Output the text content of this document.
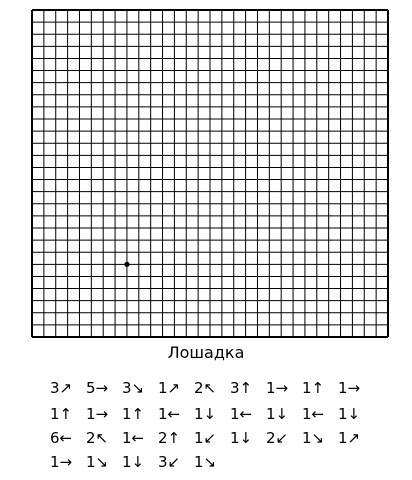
Лошадка
3↗ 5→ 3↘ 1↗ 2↖ 3↑ 1→ 1↑ 1→
1↑ 1→ 1↑ 1← 1↓ 1← 1↓ 1← 1↓
6← 2↖ 1← 2↑ 1↙ 1↓ 2↙ 1↘ 1↗
1→ 1↘ 1↓ 3↙ 1↘
